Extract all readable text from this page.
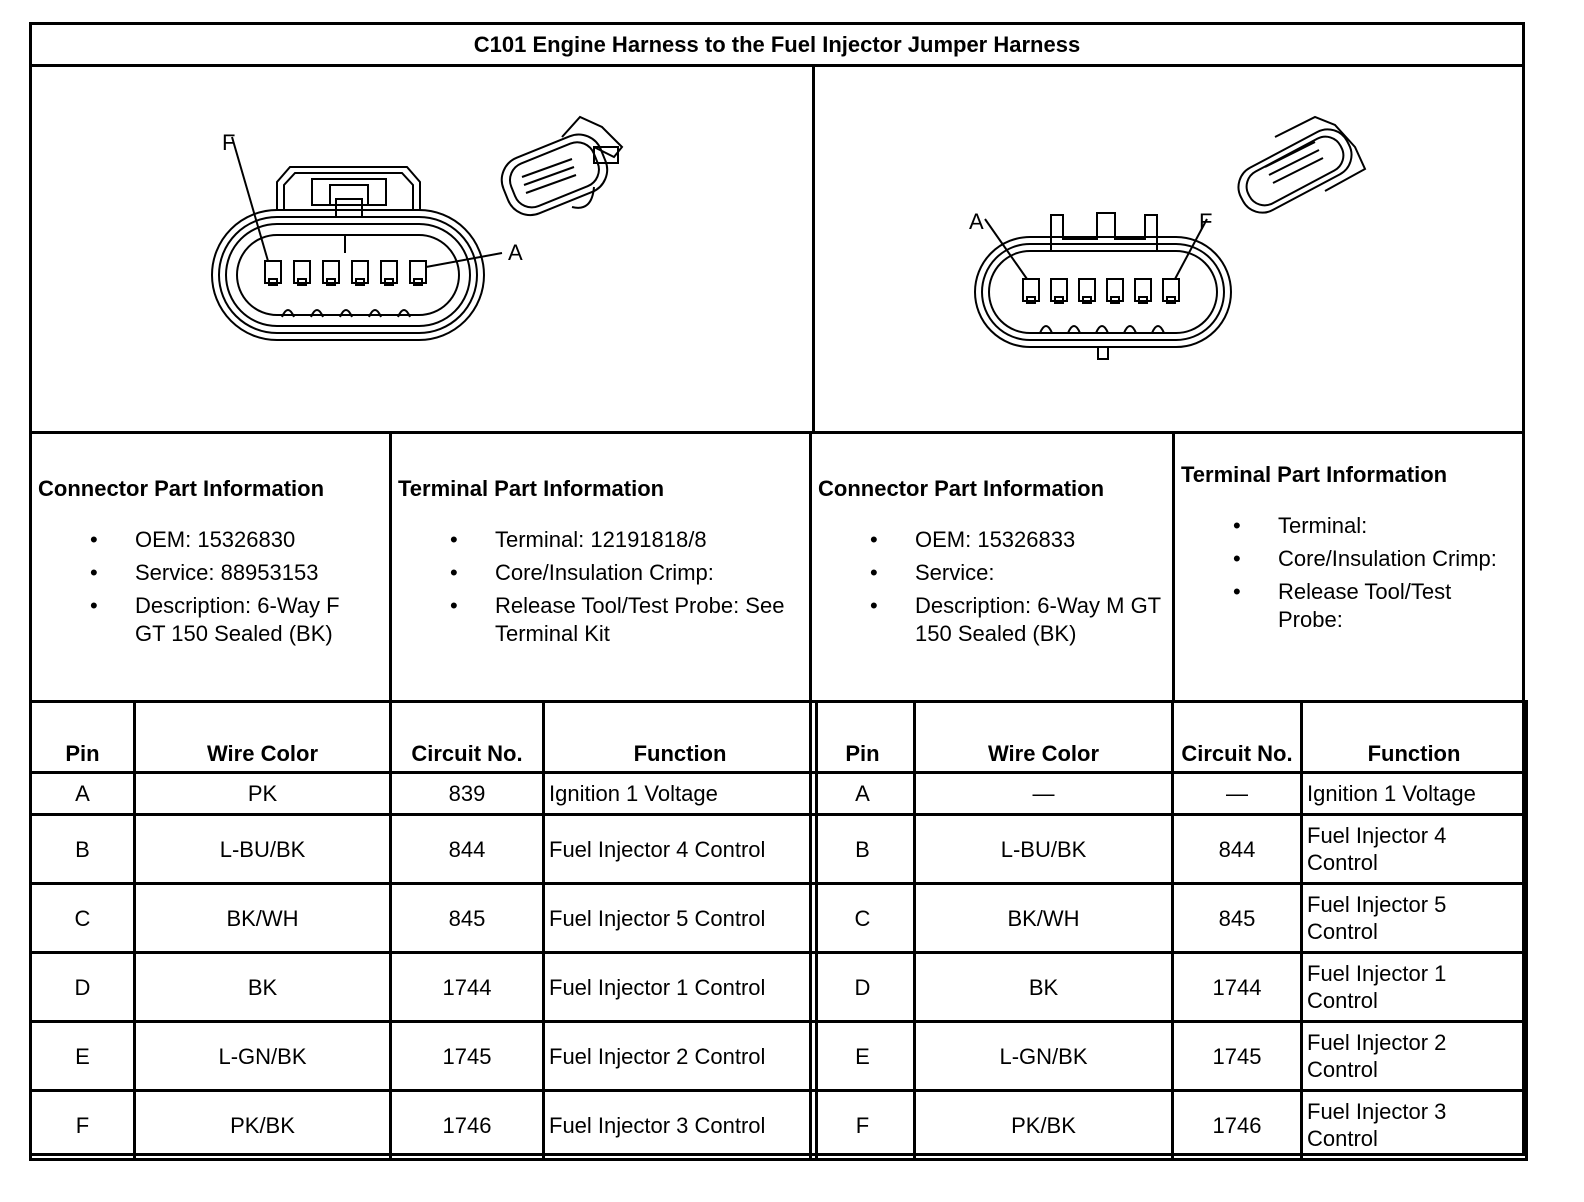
C101 Engine Harness to the Fuel Injector Jumper Harness
F
A
A	F
Connector Part Information
• OEM: 15326830
• Service: 88953153
• Description: 6-Way F GT 150 Sealed (BK)
Terminal Part Information
• Terminal: 12191818/8
• Core/Insulation Crimp:
• Release Tool/Test Probe: See Terminal Kit
Connector Part Information
• OEM: 15326833
• Service:
• Description: 6-Way M GT 150 Sealed (BK)
Terminal Part Information
• Terminal:
• Core/Insulation Crimp:
• Release Tool/Test Probe:
Pin	Wire Color	Circuit No.	Function
A	PK	839	Ignition 1 Voltage
B	L-BU/BK	844	Fuel Injector 4 Control
C	BK/WH	845	Fuel Injector 5 Control
D	BK	1744	Fuel Injector 1 Control
E	L-GN/BK	1745	Fuel Injector 2 Control
F	PK/BK	1746	Fuel Injector 3 Control
Pin	Wire Color	Circuit No.	Function
A	—	—	Ignition 1 Voltage
B	L-BU/BK	844	Fuel Injector 4 Control
C	BK/WH	845	Fuel Injector 5 Control
D	BK	1744	Fuel Injector 1 Control
E	L-GN/BK	1745	Fuel Injector 2 Control
F	PK/BK	1746	Fuel Injector 3 Control
